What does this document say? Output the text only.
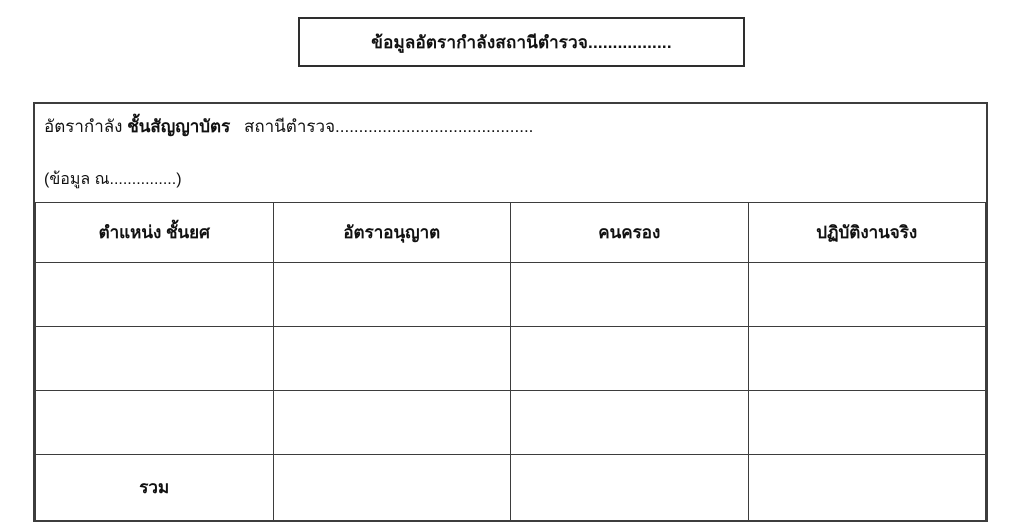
ข้อมูลอัตรากำลังสถานีตำรวจ.................
อัตรากำลัง ชั้นสัญญาบัตร สถานีตำรวจ..........................................
(ข้อมูล ณ...............)
ตำแหน่ง ชั้นยศ	อัตราอนุญาต	คนครอง	ปฏิบัติงานจริง

รวม			
